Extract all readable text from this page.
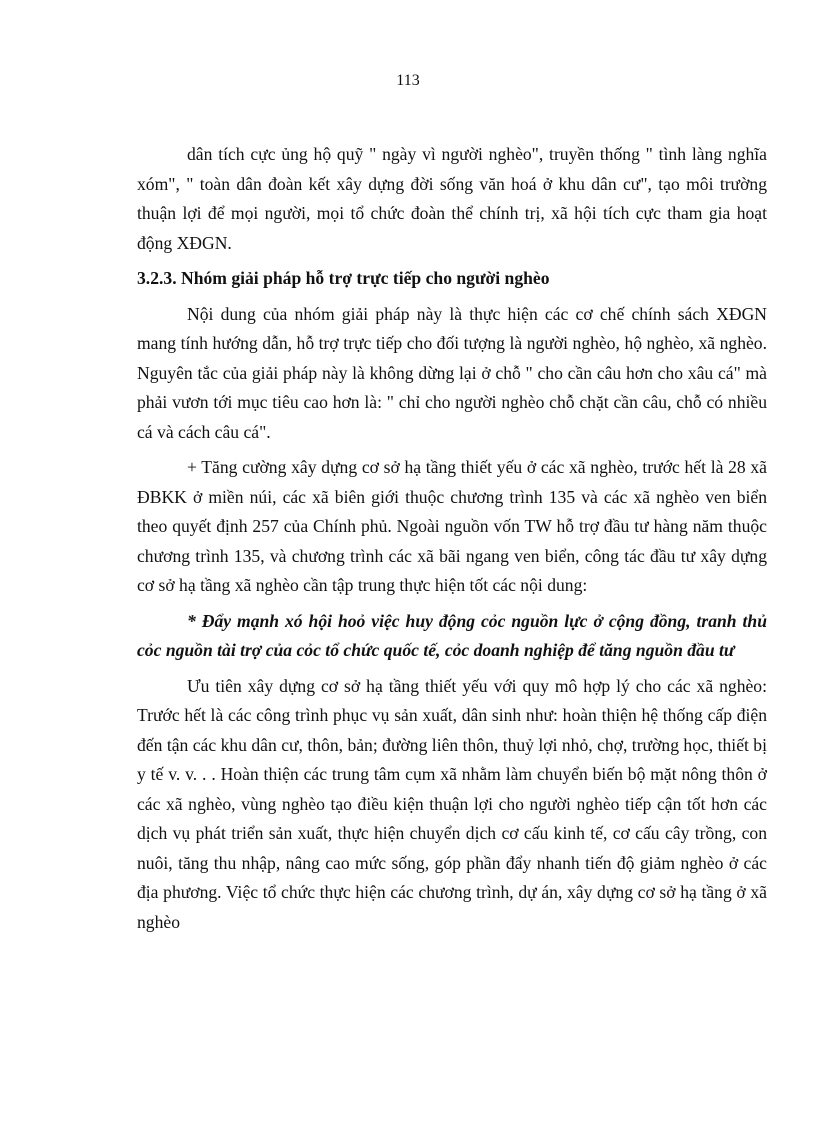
113

dân tích cực ủng hộ quỹ " ngày vì người nghèo", truyền thống " tình làng nghĩa xóm", " toàn dân đoàn kết xây dựng đời sống văn hoá ở khu dân cư", tạo môi trường thuận lợi để mọi người, mọi tổ chức đoàn thể chính trị, xã hội tích cực tham gia hoạt động XĐGN.

3.2.3. Nhóm giải pháp hỗ trợ trực tiếp cho người nghèo

Nội dung của nhóm giải pháp này là thực hiện các cơ chế chính sách XĐGN mang tính hướng dẫn, hỗ trợ trực tiếp cho đối tượng là người nghèo, hộ nghèo, xã nghèo. Nguyên tắc của giải pháp này là không dừng lại ở chỗ " cho cần câu hơn cho xâu cá" mà phải vươn tới mục tiêu cao hơn là: " chỉ cho người nghèo chỗ chặt cần câu, chỗ có nhiều cá và cách câu cá".

+ Tăng cường xây dựng cơ sở hạ tầng thiết yếu ở các xã nghèo, trước hết là 28 xã ĐBKK ở miền núi, các xã biên giới thuộc chương trình 135 và các xã nghèo ven biển theo quyết định 257 của Chính phủ. Ngoài nguồn vốn TW hỗ trợ đầu tư hàng năm thuộc chương trình 135, và chương trình các xã bãi ngang ven biển, công tác đầu tư xây dựng cơ sở hạ tầng xã nghèo cần tập trung thực hiện tốt các nội dung:

* Đẩy mạnh xó hội hoỏ việc huy động cỏc nguồn lực ở cộng đồng, tranh thủ cỏc nguồn tài trợ của cỏc tổ chức quốc tế, cỏc doanh nghiệp để tăng nguồn đầu tư

Ưu tiên xây dựng cơ sở hạ tầng thiết yếu với quy mô hợp lý cho các xã nghèo: Trước hết là các công trình phục vụ sản xuất, dân sinh như: hoàn thiện hệ thống cấp điện đến tận các khu dân cư, thôn, bản; đường liên thôn, thuỷ lợi nhỏ, chợ, trường học, thiết bị y tế v. v. . . Hoàn thiện các trung tâm cụm xã nhằm làm chuyển biến bộ mặt nông thôn ở các xã nghèo, vùng nghèo tạo điều kiện thuận lợi cho người nghèo tiếp cận tốt hơn các dịch vụ phát triển sản xuất, thực hiện chuyển dịch cơ cấu kinh tế, cơ cấu cây trồng, con nuôi, tăng thu nhập, nâng cao mức sống, góp phần đẩy nhanh tiến độ giảm nghèo ở các địa phương. Việc tổ chức thực hiện các chương trình, dự án, xây dựng cơ sở hạ tầng ở xã nghèo
